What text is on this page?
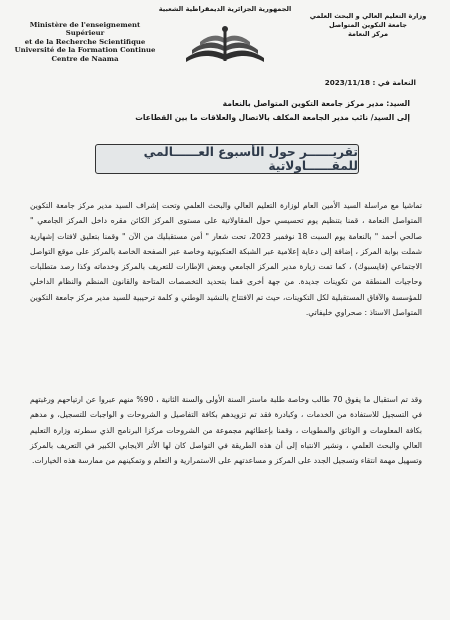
الجمهورية الجزائرية الديمقراطية الشعبية
وزارة التعليم العالي و البحث العلمي
جامعة التكوين المتواصل
مركز النعامة
Ministère de l'enseignement Supérieur
et de la Recherche Scientifique
Université de la Formation Continue
Centre de Naama
النعامة في : 2023/11/18
السيد: مدير مركز جامعة التكوين المتواصل بالنعامة
إلى السيد/ نائب مدير الجامعة المكلف بالاتصال والعلاقات ما بين القطاعات
تقريــــــر حول الأسبوع العــــــالمي للمقــــــاولاتية

تماشيا مع مراسلة السيد الأمين العام لوزارة التعليم العالي والبحث العلمي وتحت إشراف السيد مدير مركز جامعة التكوين المتواصل النعامة ، قمنا بتنظيم يوم تحسيسي حول المقاولاتية على مستوى المركز الكائن مقره داخل المركز الجامعي " صالحي أحمد " بالنعامة يوم السبت 18 نوفمبر 2023، تحت شعار " أمن مستقبليك من الآن " وقمنا بتعليق لافتات إشهارية شملت بوابة المركز ، إضافة إلى دعاية إعلامية عبر الشبكة العنكبوتية وخاصة عبر الصفحة الخاصة بالمركز على موقع التواصل الاجتماعي (فايسبوك) ، كما تمت زيارة مدير المركز الجامعي وبعض الإطارات للتعريف بالمركز وخدماته وكذا رصد متطلبات وحاجيات المنطقة من تكوينات جديدة. من جهة أخرى قمنا بتحديد التخصصات المتاحة والقانون المنظم والنظام الداخلي للمؤسسة والآفاق المستقبلية لكل التكوينات، حيث تم الافتتاح بالنشيد الوطني و كلمة ترحيبية للسيد مدير مركز جامعة التكوين المتواصل الاستاذ : صحراوي خليفاتي.

وقد تم استقبال ما يفوق 70 طالب وخاصة طلبة ماستر السنة الأولى والسنة الثانية ، 90% منهم عبروا عن ارتياحهم ورغبتهم في التسجيل للاستفادة من الخدمات ، وكبادرة فقد تم تزويدهم بكافة التفاصيل و الشروحات و الواجبات للتسجيل، و مدهم بكافة المعلومات و الوثائق والمطويات ، وقمنا بإعطائهم مجموعة من الشروحات مركزا البرنامج الذي سطرته وزارة التعليم العالي والبحث العلمي ، ونشير الانتباه إلى أن هذه الطريقة في التواصل كان لها الأثر الايجابي الكبير في التعريف بالمركز وتسهيل مهمة انتقاء وتسجيل الجدد على المركز و مساعدتهم على الاستمرارية و التعلم و وتمكينهم من ممارسة هذه الخيارات.
